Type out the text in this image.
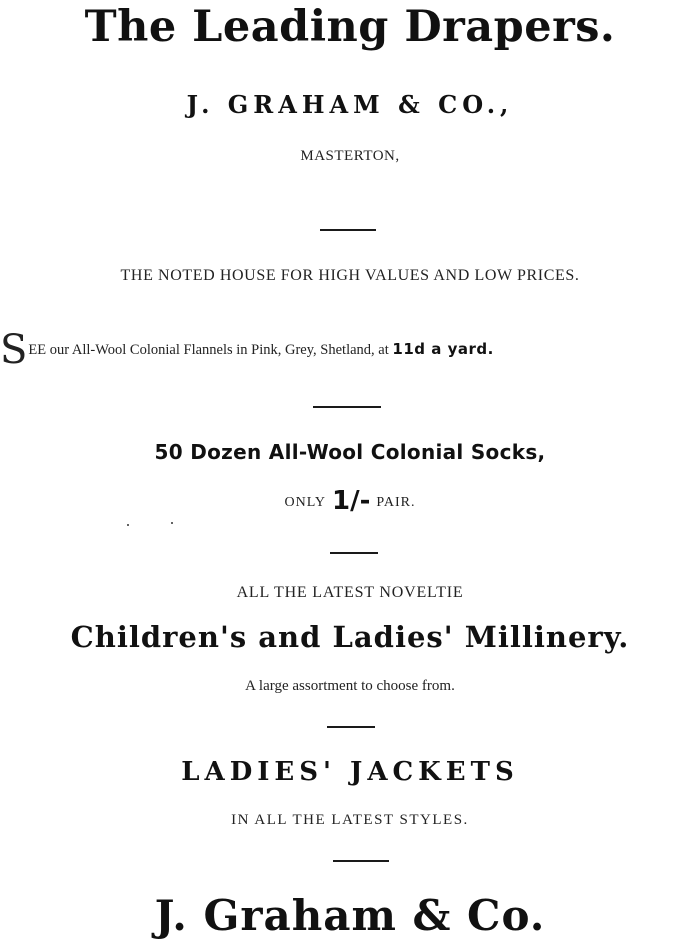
The Leading Drapers.
J. GRAHAM & CO.,
MASTERTON,
THE NOTED HOUSE FOR HIGH VALUES AND LOW PRICES.
SEE our All-Wool Colonial Flannels in Pink, Grey, Shetland, at 11d a yard.
50 Dozen All-Wool Colonial Socks,
ONLY 1/- PAIR.
ALL THE LATEST NOVELTIE
Children's and Ladies' Millinery.
A large assortment to choose from.
LADIES' JACKETS
IN ALL THE LATEST STYLES.
J. Graham & Co.
